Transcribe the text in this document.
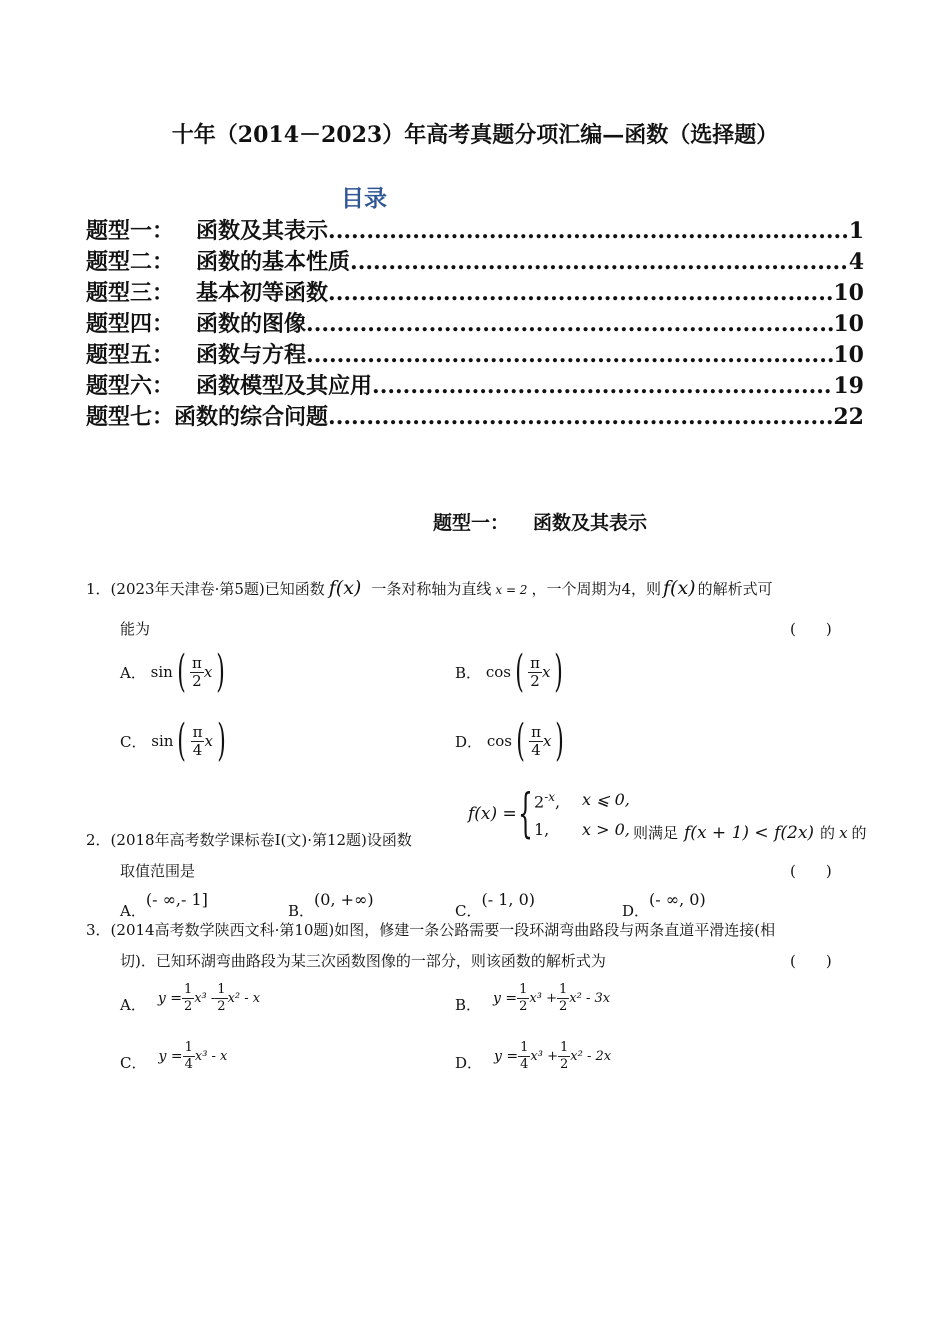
十年（2014－2023）年高考真题分项汇编—函数（选择题）
目录
题型一： 函数及其表示 .....	1
题型二： 函数的基本性质 .....	4
题型三： 基本初等函数 .....	10
题型四： 函数的图像 .....	10
题型五： 函数与方程 .....	10
题型六： 函数模型及其应用 .....	19
题型七： 函数的综合问题 .....	22
题型一： 函数及其表示
1．(2023年天津卷·第5题)已知函数 f(x) 一条对称轴为直线 x = 2 ，一个周期为4，则 f(x) 的解析式可
能为	(　　)
A． $\sin( \frac{\pi}{2} x)$	B． $\cos( \frac{\pi}{2} x)$
C． $\sin( \frac{\pi}{4} x)$	D． $\cos( \frac{\pi}{4} x)$
f(x) = { $2^{-x}$, x ⩽ 0,
1, x > 0,
2．(2018年高考数学课标卷Ⅰ(文)·第12题)设函数	则满足 f(x + 1) < f(2x) 的 x 的
取值范围是	(　　)
A．(- ∞,- 1]
B．(0, +∞)
C．(- 1, 0)
D．(- ∞, 0)
3．(2014高考数学陕西文科·第10题)如图，修建一条公路需要一段环湖弯曲路段与两条直道平滑连接(相
切)．已知环湖弯曲路段为某三次函数图像的一部分，则该函数的解析式为	(　　)
A． $y = \frac{1}{2} x^3 - \frac{1}{2} x^2 - x$	B． $y = \frac{1}{2} x^3 + \frac{1}{2} x^2 - 3x$
C． $y = \frac{1}{4} x^3 - x$	D． $y = \frac{1}{4} x^3 + \frac{1}{2} x^2 - 2x$
